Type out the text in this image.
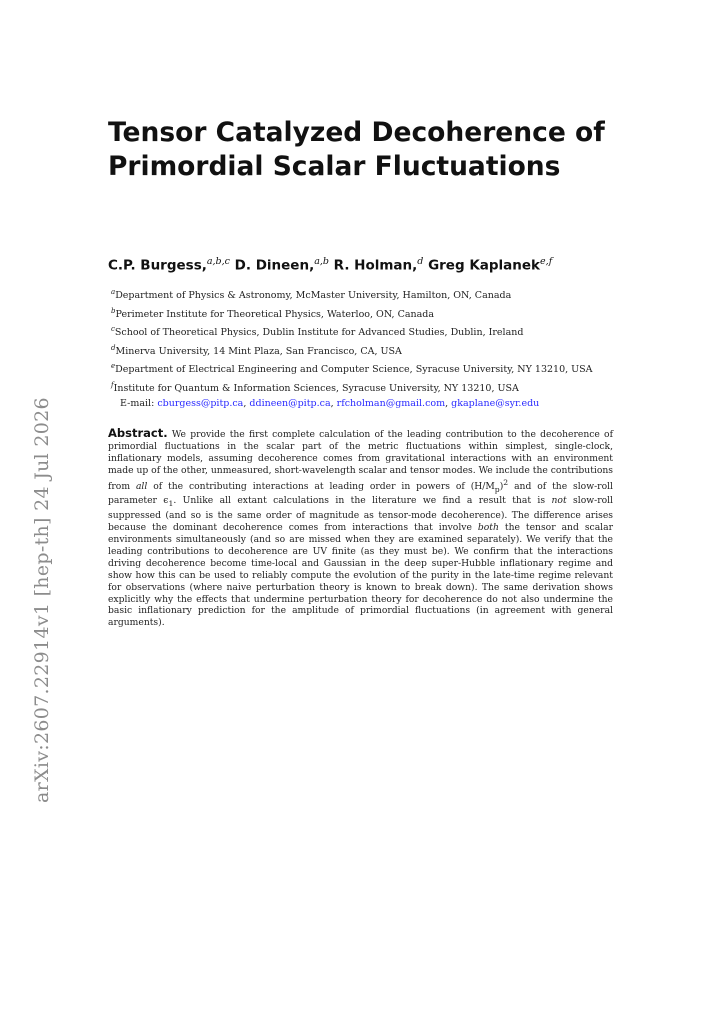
arXiv:2607.22914v1 [hep-th] 24 Jul 2026
Tensor Catalyzed Decoherence of Primordial Scalar Fluctuations
C.P. Burgess,$^{a,b,c}$ D. Dineen,$^{a,b}$ R. Holman,$^d$ Greg Kaplanek$^{e,f}$
$^a$Department of Physics & Astronomy, McMaster University, Hamilton, ON, Canada
$^b$Perimeter Institute for Theoretical Physics, Waterloo, ON, Canada
$^c$School of Theoretical Physics, Dublin Institute for Advanced Studies, Dublin, Ireland
$^d$Minerva University, 14 Mint Plaza, San Francisco, CA, USA
$^e$Department of Electrical Engineering and Computer Science, Syracuse University, NY 13210, USA
$^f$Institute for Quantum & Information Sciences, Syracuse University, NY 13210, USA
E-mail: cburgess@pitp.ca, ddineen@pitp.ca, rfcholman@gmail.com, gkaplane@syr.edu

Abstract. We provide the first complete calculation of the leading contribution to the decoherence of primordial fluctuations in the scalar part of the metric fluctuations within simplest, single-clock, inflationary models, assuming decoherence comes from gravitational interactions with an environment made up of the other, unmeasured, short-wavelength scalar and tensor modes. We include the contributions from all of the contributing interactions at leading order in powers of $(H/M_p)^2$ and of the slow-roll parameter $\epsilon_1$. Unlike all extant calculations in the literature we find a result that is not slow-roll suppressed (and so is the same order of magnitude as tensor-mode decoherence). The difference arises because the dominant decoherence comes from interactions that involve both the tensor and scalar environments simultaneously (and so are missed when they are examined separately). We verify that the leading contributions to decoherence are UV finite (as they must be). We confirm that the interactions driving decoherence become time-local and Gaussian in the deep super-Hubble inflationary regime and show how this can be used to reliably compute the evolution of the purity in the late-time regime relevant for observations (where naive perturbation theory is known to break down). The same derivation shows explicitly why the effects that undermine perturbation theory for decoherence do not also undermine the basic inflationary prediction for the amplitude of primordial fluctuations (in agreement with general arguments).
